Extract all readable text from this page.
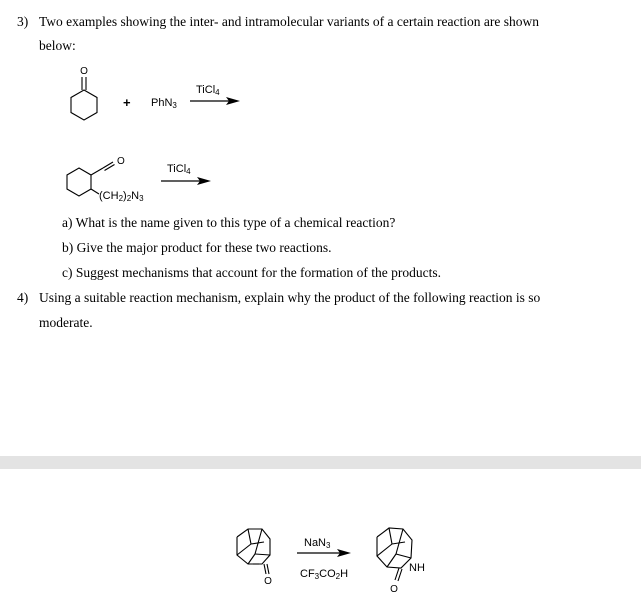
3) Two examples showing the inter- and intramolecular variants of a certain reaction are shown
below:
O
+ PhN$_3$
TiCl$_4$
O
$(CH_2)_2N_3$
TiCl$_4$
a) What is the name given to this type of a chemical reaction?
b) Give the major product for these two reactions.
c) Suggest mechanisms that account for the formation of the products.
4) Using a suitable reaction mechanism, explain why the product of the following reaction is so
moderate.
O
NaN$_3$
$CF_3CO_2H$
O
NH
